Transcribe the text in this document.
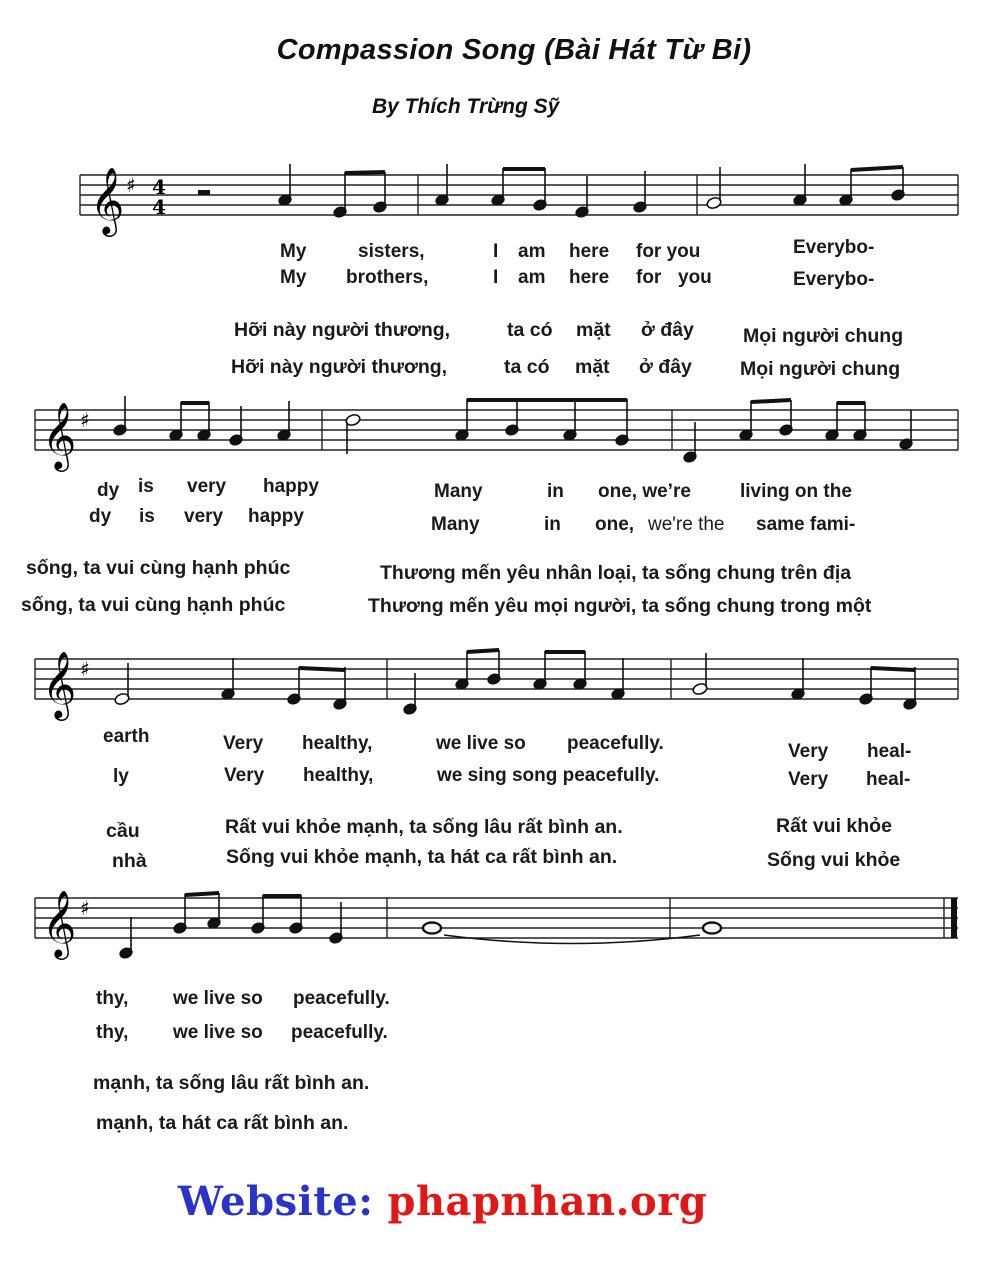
Compassion Song (Bài Hát Từ Bi)
By Thích Trừng Sỹ
𝄞 ♯ 4
4
My	sisters,	I am here for you	Everybo-
My brothers,	I am here for you	Everybo-
Hỡi này người thương,	ta có mặt ở đây	Mọi người chung
Hỡi này người thương,	ta có mặt ở đây Mọi người chung
𝄞 ♯
dy is very happy	Many	in one, we’re	living on the
dy is very happy	Many	in one, we're the same fami-
sống, ta vui cùng hạnh phúc	Thương mến yêu nhân loại, ta sống chung trên địa
sống, ta vui cùng hạnh phúc	Thương mến yêu mọi người, ta sống chung trong một
𝄞 ♯
earth	Very healthy,	we live so peacefully.	Very heal-
ly	Very healthy,	we sing song peacefully.	Very heal-
cầu	Rất vui khỏe mạnh, ta sống lâu rất bình an.	Rất vui khỏe
nhà	Sống vui khỏe mạnh, ta hát ca rất bình an.	Sống vui khỏe
𝄞 ♯
thy, we live so peacefully.
thy, we live so peacefully.
mạnh, ta sống lâu rất bình an.
mạnh, ta hát ca rất bình an.
Website: phapnhan.org
